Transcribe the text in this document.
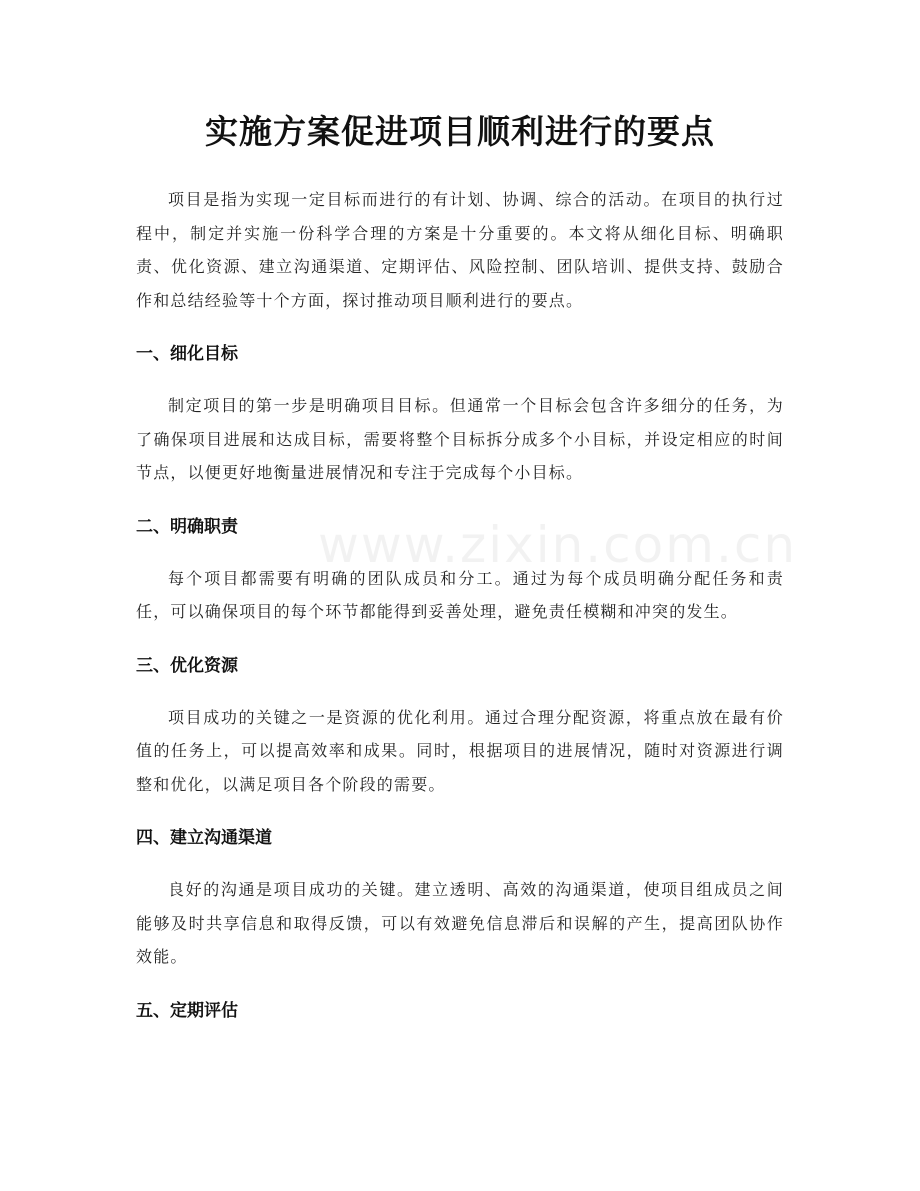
实施方案促进项目顺利进行的要点

项目是指为实现一定目标而进行的有计划、协调、综合的活动。在项目的执行过程中，制定并实施一份科学合理的方案是十分重要的。本文将从细化目标、明确职责、优化资源、建立沟通渠道、定期评估、风险控制、团队培训、提供支持、鼓励合作和总结经验等十个方面，探讨推动项目顺利进行的要点。

一、细化目标

制定项目的第一步是明确项目目标。但通常一个目标会包含许多细分的任务，为了确保项目进展和达成目标，需要将整个目标拆分成多个小目标，并设定相应的时间节点，以便更好地衡量进展情况和专注于完成每个小目标。

二、明确职责

每个项目都需要有明确的团队成员和分工。通过为每个成员明确分配任务和责任，可以确保项目的每个环节都能得到妥善处理，避免责任模糊和冲突的发生。

三、优化资源

项目成功的关键之一是资源的优化利用。通过合理分配资源，将重点放在最有价值的任务上，可以提高效率和成果。同时，根据项目的进展情况，随时对资源进行调整和优化，以满足项目各个阶段的需要。

四、建立沟通渠道

良好的沟通是项目成功的关键。建立透明、高效的沟通渠道，使项目组成员之间能够及时共享信息和取得反馈，可以有效避免信息滞后和误解的产生，提高团队协作效能。

五、定期评估
www.zixin.com.cn
